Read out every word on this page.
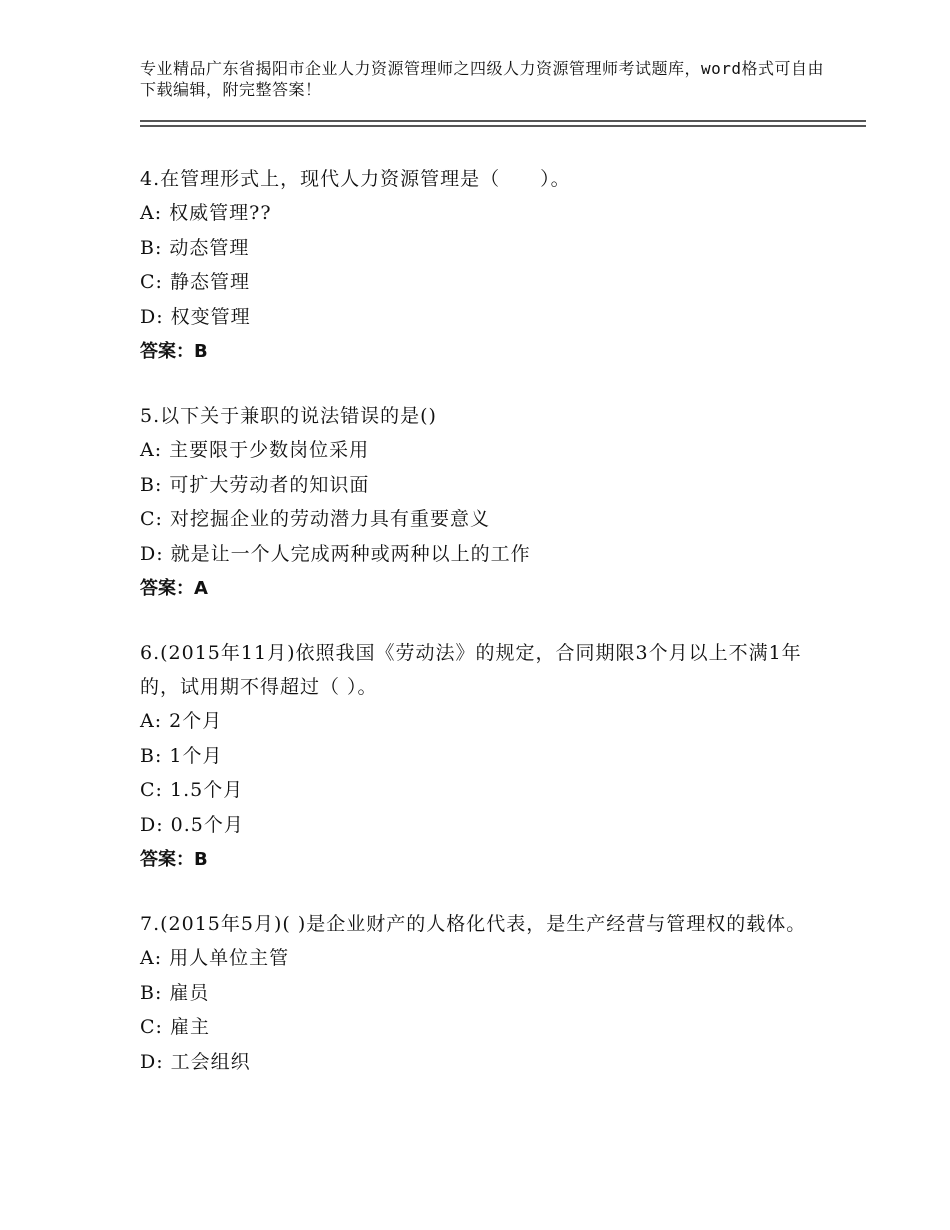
专业精品广东省揭阳市企业人力资源管理师之四级人力资源管理师考试题库，word格式可自由下载编辑，附完整答案！

4.在管理形式上，现代人力资源管理是（　　）。

A: 权威管理??

B: 动态管理

C: 静态管理

D: 权变管理

答案：B

5.以下关于兼职的说法错误的是()

A: 主要限于少数岗位采用

B: 可扩大劳动者的知识面

C: 对挖掘企业的劳动潜力具有重要意义

D: 就是让一个人完成两种或两种以上的工作

答案：A

6.(2015年11月)依照我国《劳动法》的规定，合同期限3个月以上不满1年的，试用期不得超过（ ）。

A: 2个月

B: 1个月

C: 1.5个月

D: 0.5个月

答案：B

7.(2015年5月)( )是企业财产的人格化代表，是生产经营与管理权的载体。

A: 用人单位主管

B: 雇员

C: 雇主

D: 工会组织
